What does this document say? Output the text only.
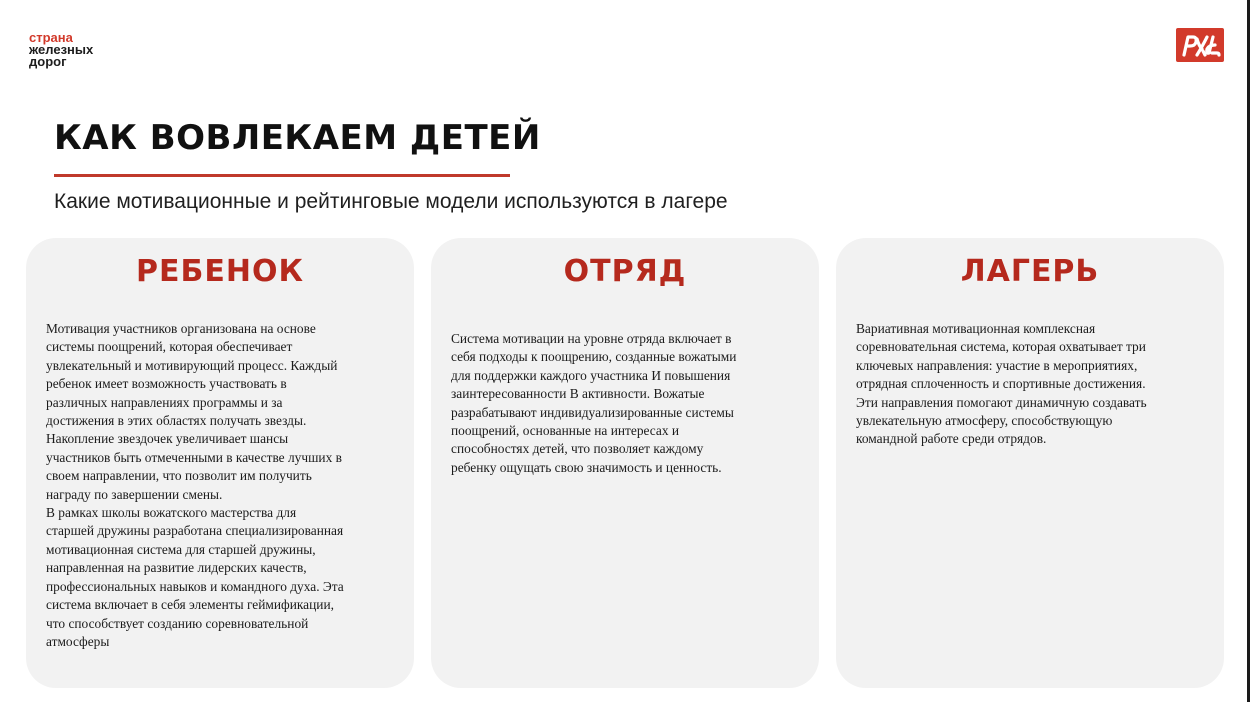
страна
железных
дорог
КАК ВОВЛЕКАЕМ ДЕТЕЙ

Какие мотивационные и рейтинговые модели используются в лагере

РЕБЕНОК

Мотивация участников организована на основе
системы поощрений, которая обеспечивает
увлекательный и мотивирующий процесс. Каждый
ребенок имеет возможность участвовать в
различных направлениях программы и за
достижения в этих областях получать звезды.
Накопление звездочек увеличивает шансы
участников быть отмеченными в качестве лучших в
своем направлении, что позволит им получить
награду по завершении смены.
В рамках школы вожатского мастерства для
старшей дружины разработана специализированная
мотивационная система для старшей дружины,
направленная на развитие лидерских качеств,
профессиональных навыков и командного духа. Эта
система включает в себя элементы геймификации,
что способствует созданию соревновательной
атмосферы

ОТРЯД

Система мотивации на уровне отряда включает в
себя подходы к поощрению, созданные вожатыми
для поддержки каждого участника И повышения
заинтересованности В активности. Вожатые
разрабатывают индивидуализированные системы
поощрений, основанные на интересах и
способностях детей, что позволяет каждому
ребенку ощущать свою значимость и ценность.

ЛАГЕРЬ

Вариативная мотивационная комплексная
соревновательная система, которая охватывает три
ключевых направления: участие в мероприятиях,
отрядная сплоченность и спортивные достижения.
Эти направления помогают динамичную создавать
увлекательную атмосферу, способствующую
командной работе среди отрядов.
